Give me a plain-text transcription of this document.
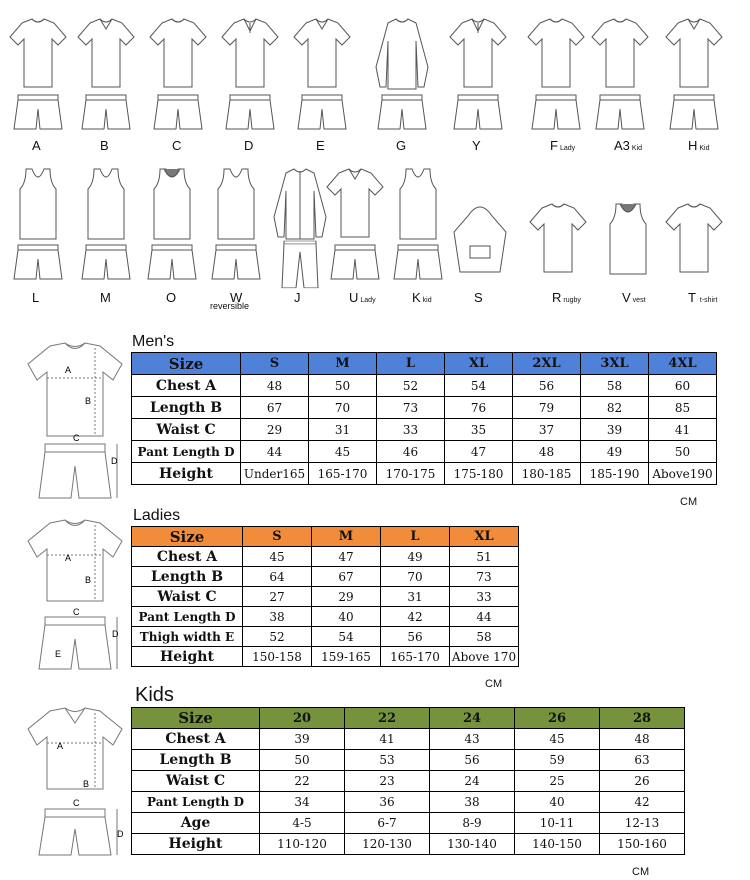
A	B	C	D	E	G	Y	F Lady	A3 Kid	H Kid
L	M	O	W	J	U Lady	Kkid	S	Rrugby	Vvest	T t-shirt
reversible
A
B
C
D
Men's
Size	S	M	L	XL	2XL	3XL	4XL
Chest A	48	50	52	54	56	58	60
Length B	67	70	73	76	79	82	85
Waist C	29	31	33	35	37	39	41
Pant Length D	44	45	46	47	48	49	50
Height	Under165	165-170	170-175	175-180	180-185	185-190	Above190
CM
A
B
C
D
E
Ladies
Size	S	M	L	XL
Chest A	45	47	49	51
Length B	64	67	70	73
Waist C	27	29	31	33
Pant Length D	38	40	42	44
Thigh width E	52	54	56	58
Height	150-158	159-165	165-170	Above 170
CM
A
B
C
D
Kids
Size	20	22	24	26	28
Chest A	39	41	43	45	48
Length B	50	53	56	59	63
Waist C	22	23	24	25	26
Pant Length D	34	36	38	40	42
Age	4-5	6-7	8-9	10-11	12-13
Height	110-120	120-130	130-140	140-150	150-160
CM
